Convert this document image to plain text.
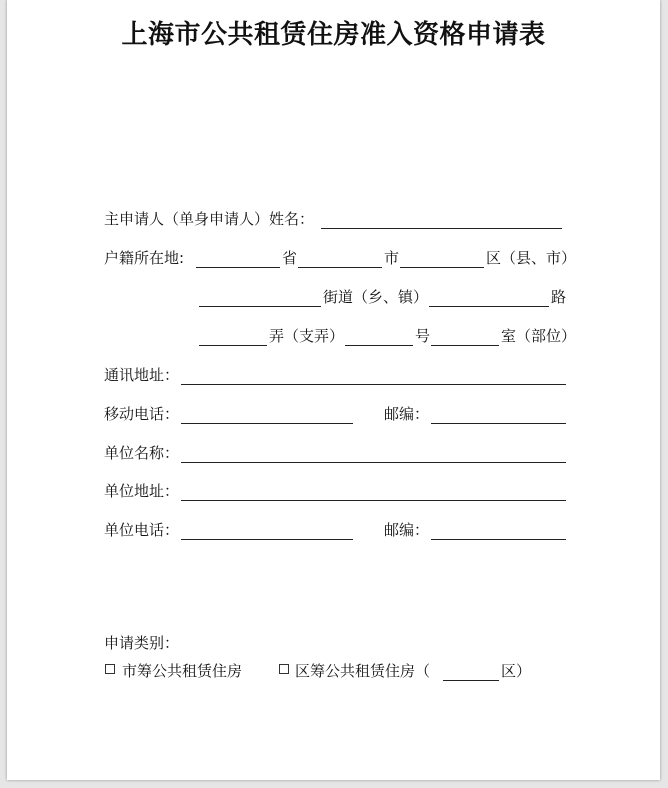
上海市公共租赁住房准入资格申请表
主申请人（单身申请人）姓名：
户籍所在地:	省	市	区（县、市）
街道（乡、镇）	路
弄（支弄）	号	室（部位）
通讯地址：
移动电话：	邮编：
单位名称：
单位地址：
单位电话：	邮编：
申请类别：
市筹公共租赁住房	区筹公共租赁住房（	区）
